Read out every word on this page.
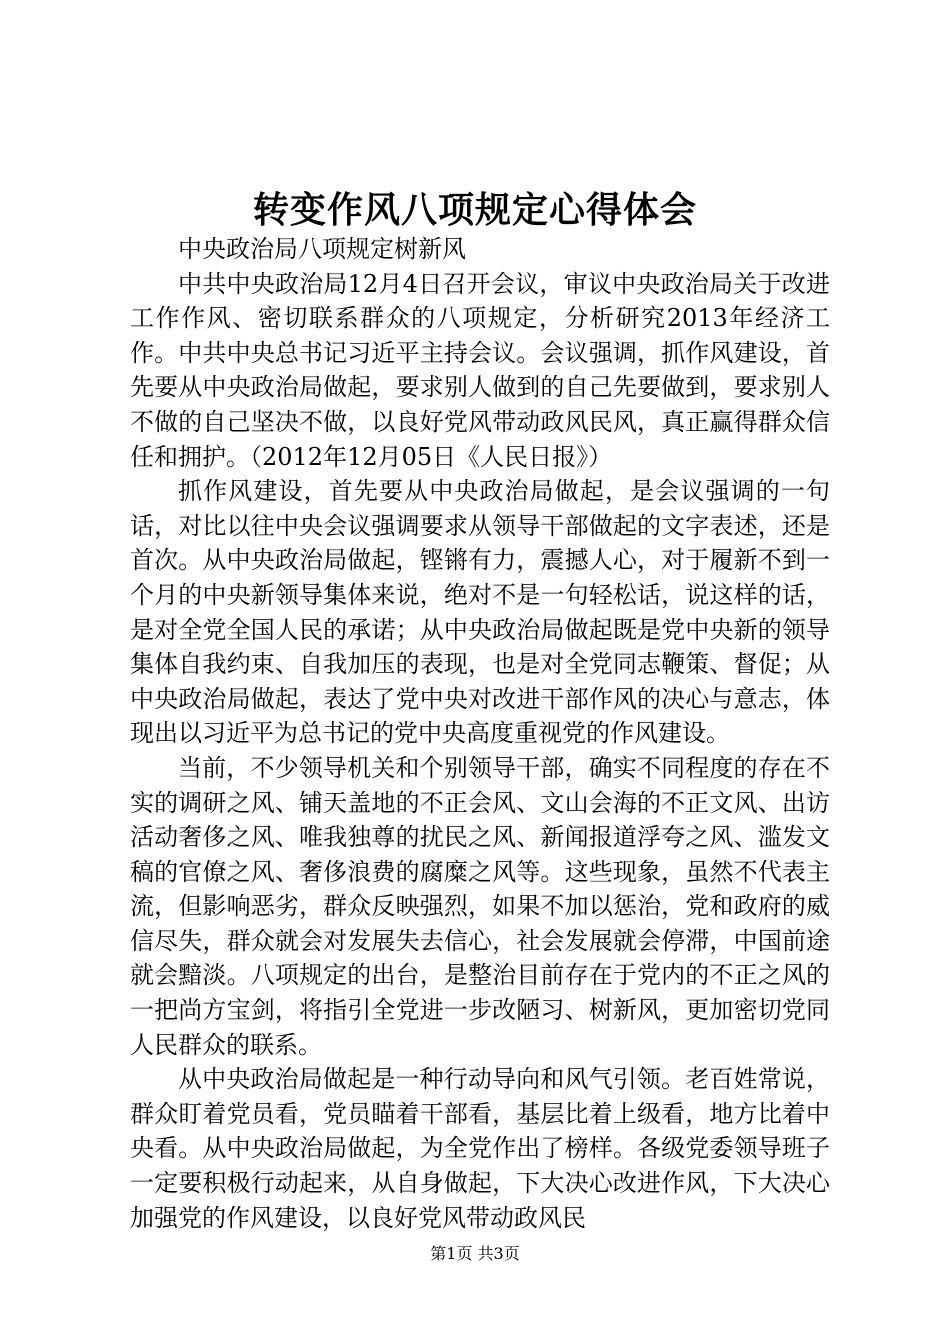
转变作风八项规定心得体会

中央政治局八项规定树新风

中共中央政治局12月4日召开会议，审议中央政治局关于改进工作作风、密切联系群众的八项规定，分析研究2013年经济工作。中共中央总书记习近平主持会议。会议强调，抓作风建设，首先要从中央政治局做起，要求别人做到的自己先要做到，要求别人不做的自己坚决不做，以良好党风带动政风民风，真正赢得群众信任和拥护。（2012年12月05日《人民日报》）

抓作风建设，首先要从中央政治局做起，是会议强调的一句话，对比以往中央会议强调要求从领导干部做起的文字表述，还是首次。从中央政治局做起，铿锵有力，震撼人心，对于履新不到一个月的中央新领导集体来说，绝对不是一句轻松话，说这样的话，是对全党全国人民的承诺；从中央政治局做起既是党中央新的领导集体自我约束、自我加压的表现，也是对全党同志鞭策、督促；从中央政治局做起，表达了党中央对改进干部作风的决心与意志，体现出以习近平为总书记的党中央高度重视党的作风建设。

当前，不少领导机关和个别领导干部，确实不同程度的存在不实的调研之风、铺天盖地的不正会风、文山会海的不正文风、出访活动奢侈之风、唯我独尊的扰民之风、新闻报道浮夸之风、滥发文稿的官僚之风、奢侈浪费的腐糜之风等。这些现象，虽然不代表主流，但影响恶劣，群众反映强烈，如果不加以惩治，党和政府的威信尽失，群众就会对发展失去信心，社会发展就会停滞，中国前途就会黯淡。八项规定的出台，是整治目前存在于党内的不正之风的一把尚方宝剑，将指引全党进一步改陋习、树新风，更加密切党同人民群众的联系。

从中央政治局做起是一种行动导向和风气引领。老百姓常说，群众盯着党员看，党员瞄着干部看，基层比着上级看，地方比着中央看。从中央政治局做起，为全党作出了榜样。各级党委领导班子一定要积极行动起来，从自身做起，下大决心改进作风，下大决心加强党的作风建设，以良好党风带动政风民

第1页 共3页
